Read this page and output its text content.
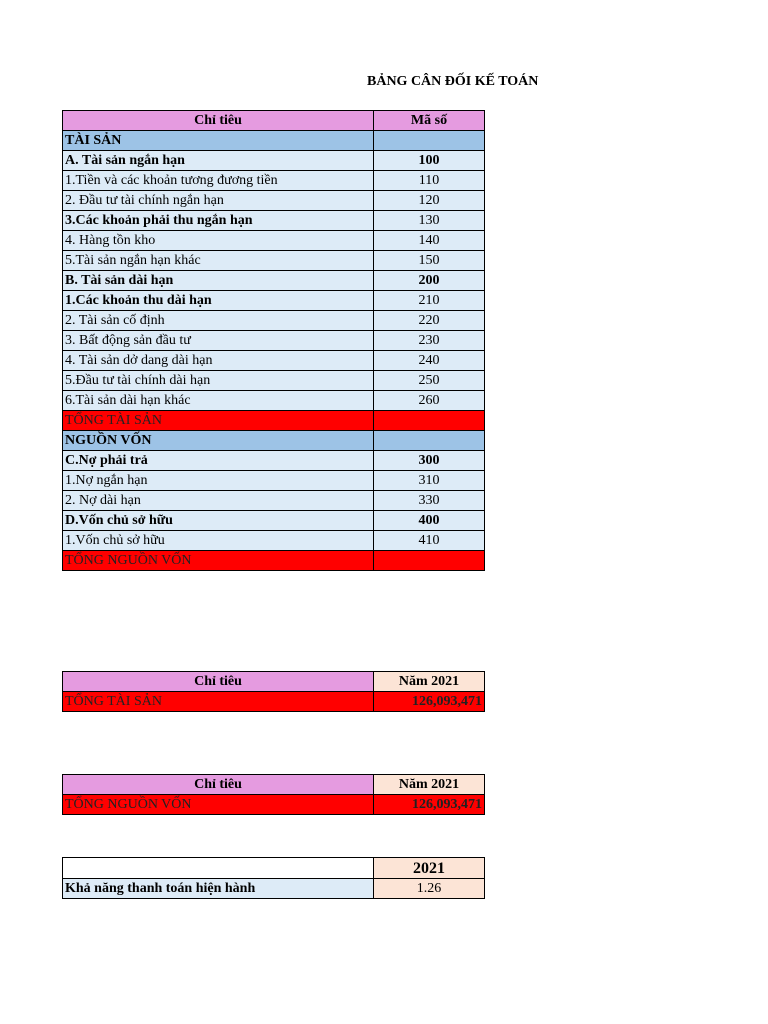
BẢNG CÂN ĐỐI KẾ TOÁN
Chỉ tiêu	Mã số
TÀI SẢN	
A. Tài sản ngắn hạn	100
1.Tiền và các khoản tương đương tiền	110
2. Đầu tư tài chính ngắn hạn	120
3.Các khoản phải thu ngắn hạn	130
4. Hàng tồn kho	140
5.Tài sản ngắn hạn khác	150
B. Tài sản dài hạn	200
1.Các khoản thu dài hạn	210
2. Tài sản cố định	220
3. Bất động sản đầu tư	230
4. Tài sản dở dang dài hạn	240
5.Đầu tư tài chính dài hạn	250
6.Tài sản dài hạn khác	260
TỔNG TÀI SẢN	
NGUỒN VỐN	
C.Nợ phải trả	300
1.Nợ ngắn hạn	310
2. Nợ dài hạn	330
D.Vốn chủ sở hữu	400
1.Vốn chủ sở hữu	410
TỔNG NGUỒN VỐN	
Chỉ tiêu	Năm 2021
TỔNG TÀI SẢN	126,093,471
Chỉ tiêu	Năm 2021
TỔNG NGUỒN VỐN	126,093,471
	2021
Khả năng thanh toán hiện hành	1.26
